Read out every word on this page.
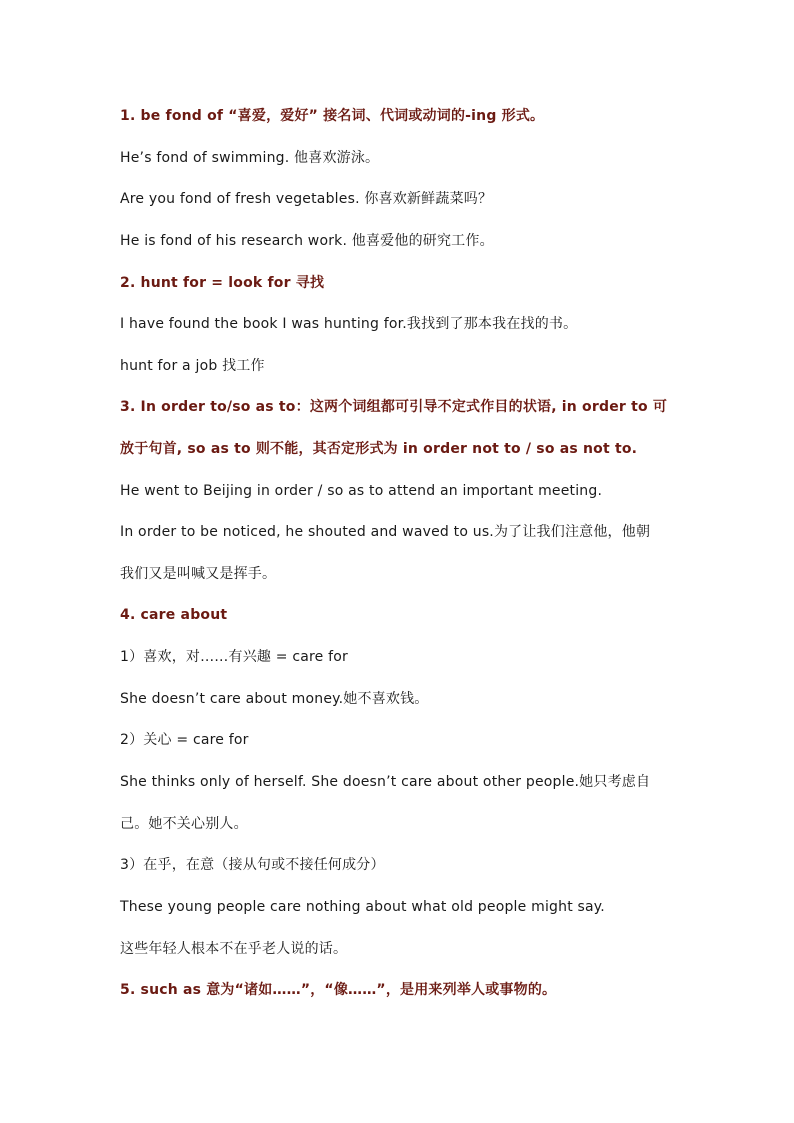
1. be fond of “喜爱，爱好” 接名词、代词或动词的-ing 形式。
He’s fond of swimming. 他喜欢游泳。
Are you fond of fresh vegetables. 你喜欢新鲜蔬菜吗？
He is fond of his research work. 他喜爱他的研究工作。
2. hunt for = look for 寻找
I have found the book I was hunting for.我找到了那本我在找的书。
hunt for a job 找工作
3. In order to/so as to：这两个词组都可引导不定式作目的状语, in order to 可
放于句首, so as to 则不能，其否定形式为 in order not to / so as not to.
He went to Beijing in order / so as to attend an important meeting.
In order to be noticed, he shouted and waved to us.为了让我们注意他，他朝
我们又是叫喊又是挥手。
4. care about
1）喜欢，对……有兴趣 = care for
She doesn’t care about money.她不喜欢钱。
2）关心 = care for
She thinks only of herself. She doesn’t care about other people.她只考虑自
己。她不关心别人。
3）在乎，在意（接从句或不接任何成分）
These young people care nothing about what old people might say.
这些年轻人根本不在乎老人说的话。
5. such as 意为“诸如……”，“像……”，是用来列举人或事物的。
